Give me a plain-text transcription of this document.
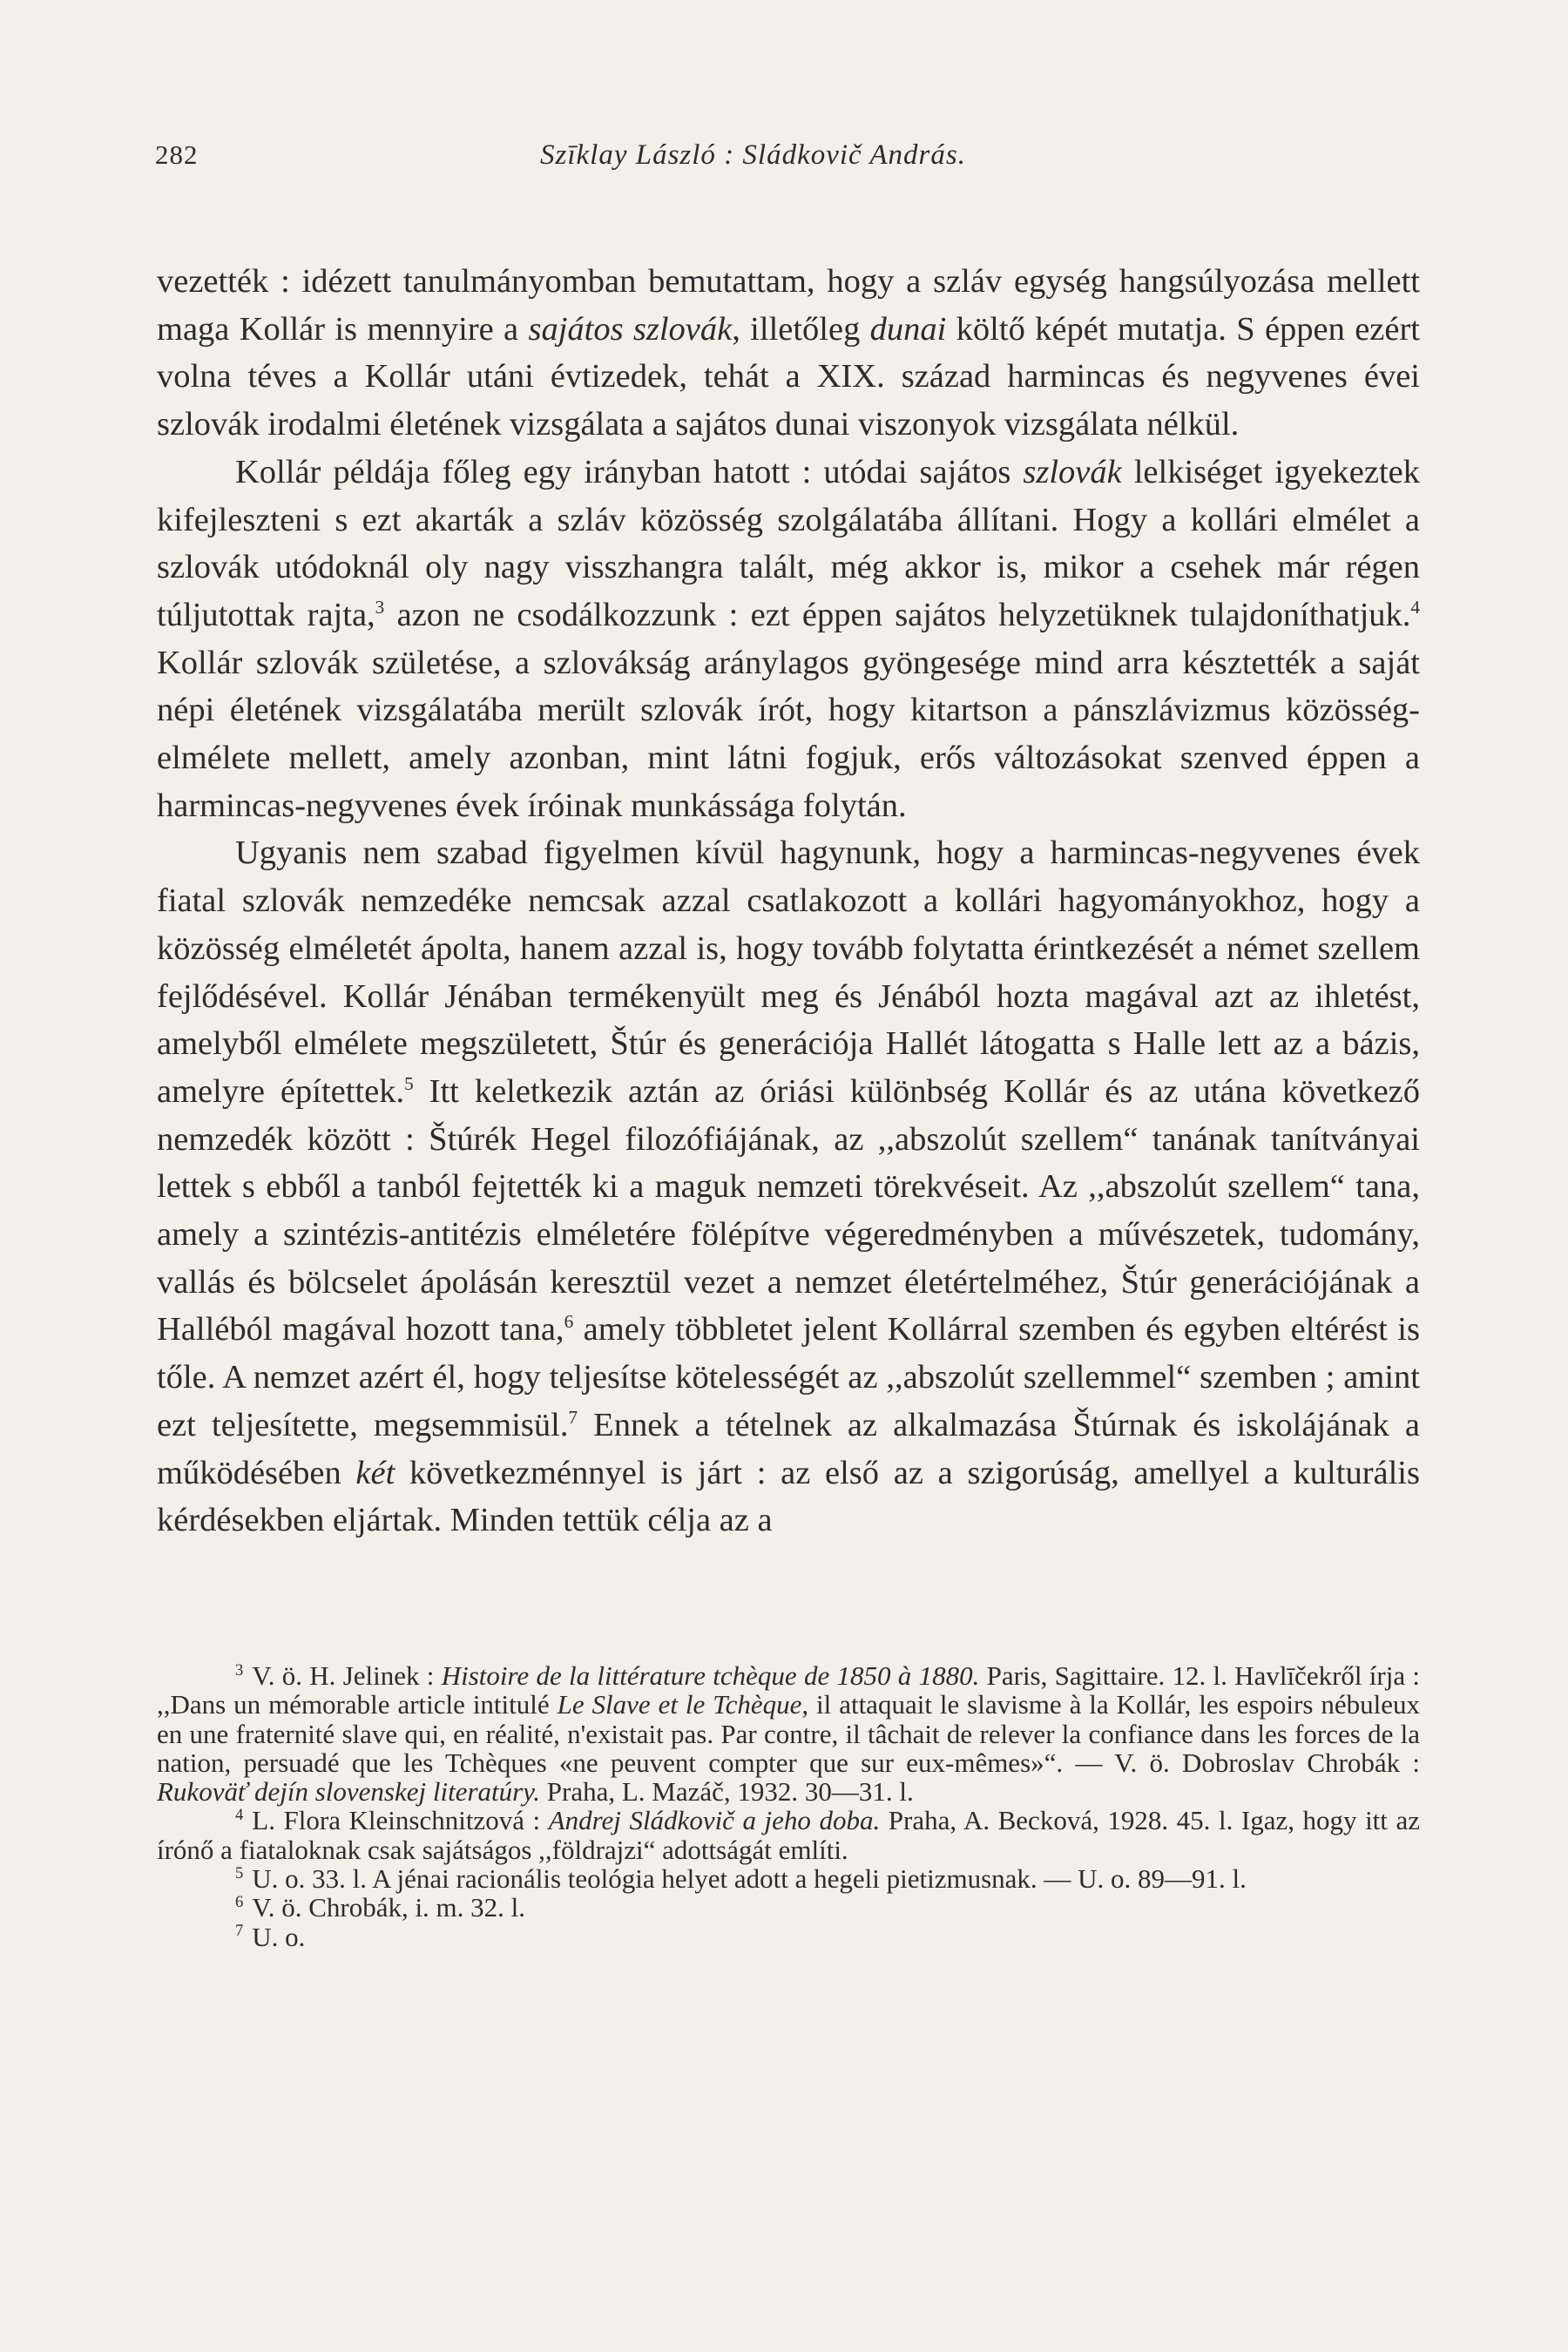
282	Szīklay László : Sládkovič András.

vezették : idézett tanulmányomban bemutattam, hogy a szláv egység hangsúlyozása mellett maga Kollár is mennyire a sajátos szlovák, illetőleg dunai költő képét mutatja. S éppen ezért volna téves a Kollár utáni évtizedek, tehát a XIX. század harmincas és negyvenes évei szlovák irodalmi életének vizsgálata a sajátos dunai viszonyok vizsgálata nélkül.

Kollár példája főleg egy irányban hatott : utódai sajátos szlovák lelkiséget igyekeztek kifejleszteni s ezt akarták a szláv közösség szolgálatába állítani. Hogy a kollári elmélet a szlovák utódoknál oly nagy visszhangra talált, még akkor is, mikor a csehek már régen túljutottak rajta,$^3$ azon ne csodálkozzunk : ezt éppen sajátos helyzetüknek tulajdoníthatjuk.$^4$ Kollár szlovák születése, a szlovákság aránylagos gyöngesége mind arra késztették a saját népi életének vizsgálatába merült szlovák írót, hogy kitartson a pánszlávizmus közösség-elmélete mellett, amely azonban, mint látni fogjuk, erős változásokat szenved éppen a harmincas-negyvenes évek íróinak munkássága folytán.

Ugyanis nem szabad figyelmen kívül hagynunk, hogy a harmincas-negyvenes évek fiatal szlovák nemzedéke nemcsak azzal csatlakozott a kollári hagyományokhoz, hogy a közösség elméletét ápolta, hanem azzal is, hogy tovább folytatta érintkezését a német szellem fejlődésével. Kollár Jénában termékenyült meg és Jénából hozta magával azt az ihletést, amelyből elmélete megszületett, Štúr és generációja Hallét látogatta s Halle lett az a bázis, amelyre építettek.$^5$ Itt keletkezik aztán az óriási különbség Kollár és az utána következő nemzedék között : Štúrék Hegel filozófiájának, az ,,abszolút szellem“ tanának tanítványai lettek s ebből a tanból fejtették ki a maguk nemzeti törekvéseit. Az ,,abszolút szellem“ tana, amely a szintézis-antitézis elméletére fölépítve végeredményben a művészetek, tudomány, vallás és bölcselet ápolásán keresztül vezet a nemzet életértelméhez, Štúr generációjának a Halléból magával hozott tana,$^6$ amely többletet jelent Kollárral szemben és egyben eltérést is tőle. A nemzet azért él, hogy teljesítse kötelességét az ,,abszolút szellemmel“ szemben ; amint ezt teljesítette, megsemmisül.$^7$ Ennek a tételnek az alkalmazása Štúrnak és iskolájának a működésében két következménnyel is járt : az első az a szigorúság, amellyel a kulturális kérdésekben eljártak. Minden tettük célja az a

$^3$ V. ö. H. Jelinek : Histoire de la littérature tchèque de 1850 à 1880. Paris, Sagittaire. 12. l. Havlīčekről írja : ,,Dans un mémorable article intitulé Le Slave et le Tchèque, il attaquait le slavisme à la Kollár, les espoirs nébuleux en une fraternité slave qui, en réalité, n'existait pas. Par contre, il tâchait de relever la confiance dans les forces de la nation, persuadé que les Tchèques «ne peuvent compter que sur eux-mêmes»“. — V. ö. Dobroslav Chrobák : Rukoväť dejín slovenskej literatúry. Praha, L. Mazáč, 1932. 30—31. l.

$^4$ L. Flora Kleinschnitzová : Andrej Sládkovič a jeho doba. Praha, A. Becková, 1928. 45. l. Igaz, hogy itt az írónő a fiataloknak csak sajátságos ,,földrajzi“ adottságát említi.

$^5$ U. o. 33. l. A jénai racionális teológia helyet adott a hegeli pietizmusnak. — U. o. 89—91. l.

$^6$ V. ö. Chrobák, i. m. 32. l.

$^7$ U. o.
